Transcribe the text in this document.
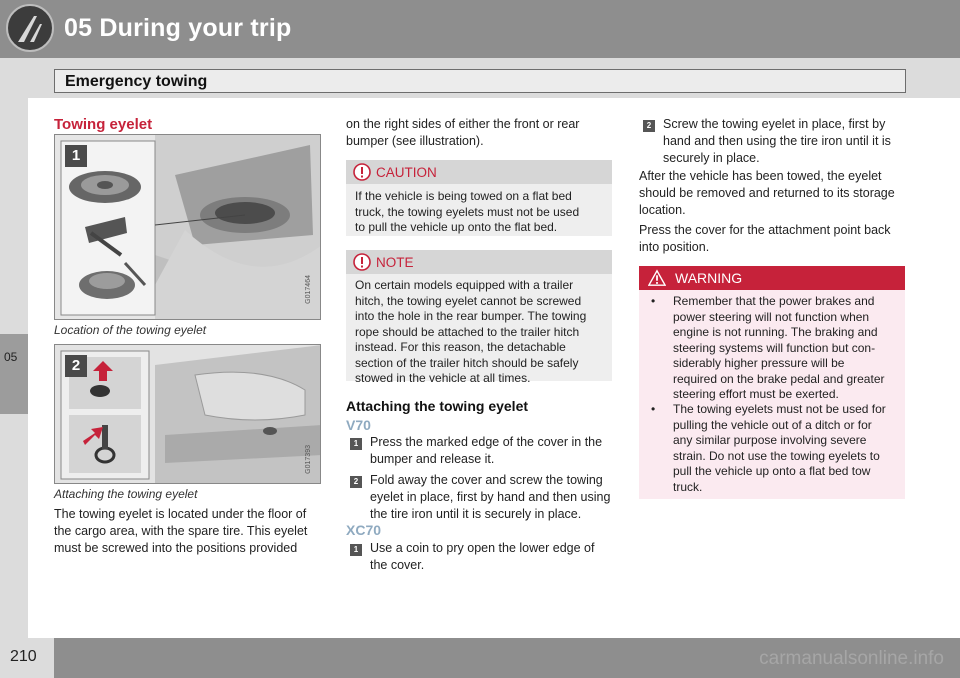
05 During your trip
Emergency towing
05
Towing eyelet
1
G017464
Location of the towing eyelet
2
G017393
Attaching the towing eyelet
The towing eyelet is located under the floor of
the cargo area, with the spare tire. This eyelet
must be screwed into the positions provided
on the right sides of either the front or rear
bumper (see illustration).
CAUTION
If the vehicle is being towed on a flat bed
truck, the towing eyelets must not be used
to pull the vehicle up onto the flat bed.
NOTE
On certain models equipped with a trailer
hitch, the towing eyelet cannot be screwed
into the hole in the rear bumper. The towing
rope should be attached to the trailer hitch
instead. For this reason, the detachable
section of the trailer hitch should be safely
stowed in the vehicle at all times.
Attaching the towing eyelet
V70
1 Press the marked edge of the cover in the
bumper and release it.
2 Fold away the cover and screw the towing
eyelet in place, first by hand and then using
the tire iron until it is securely in place.
XC70
1 Use a coin to pry open the lower edge of
the cover.
2 Screw the towing eyelet in place, first by
hand and then using the tire iron until it is
securely in place.
After the vehicle has been towed, the eyelet
should be removed and returned to its storage
location.
Press the cover for the attachment point back
into position.
WARNING
• Remember that the power brakes and
power steering will not function when
engine is not running. The braking and
steering systems will function but con-
siderably higher pressure will be
required on the brake pedal and greater
steering effort must be exerted.
• The towing eyelets must not be used for
pulling the vehicle out of a ditch or for
any similar purpose involving severe
strain. Do not use the towing eyelets to
pull the vehicle up onto a flat bed tow
truck.
210	carmanualsonline.info
